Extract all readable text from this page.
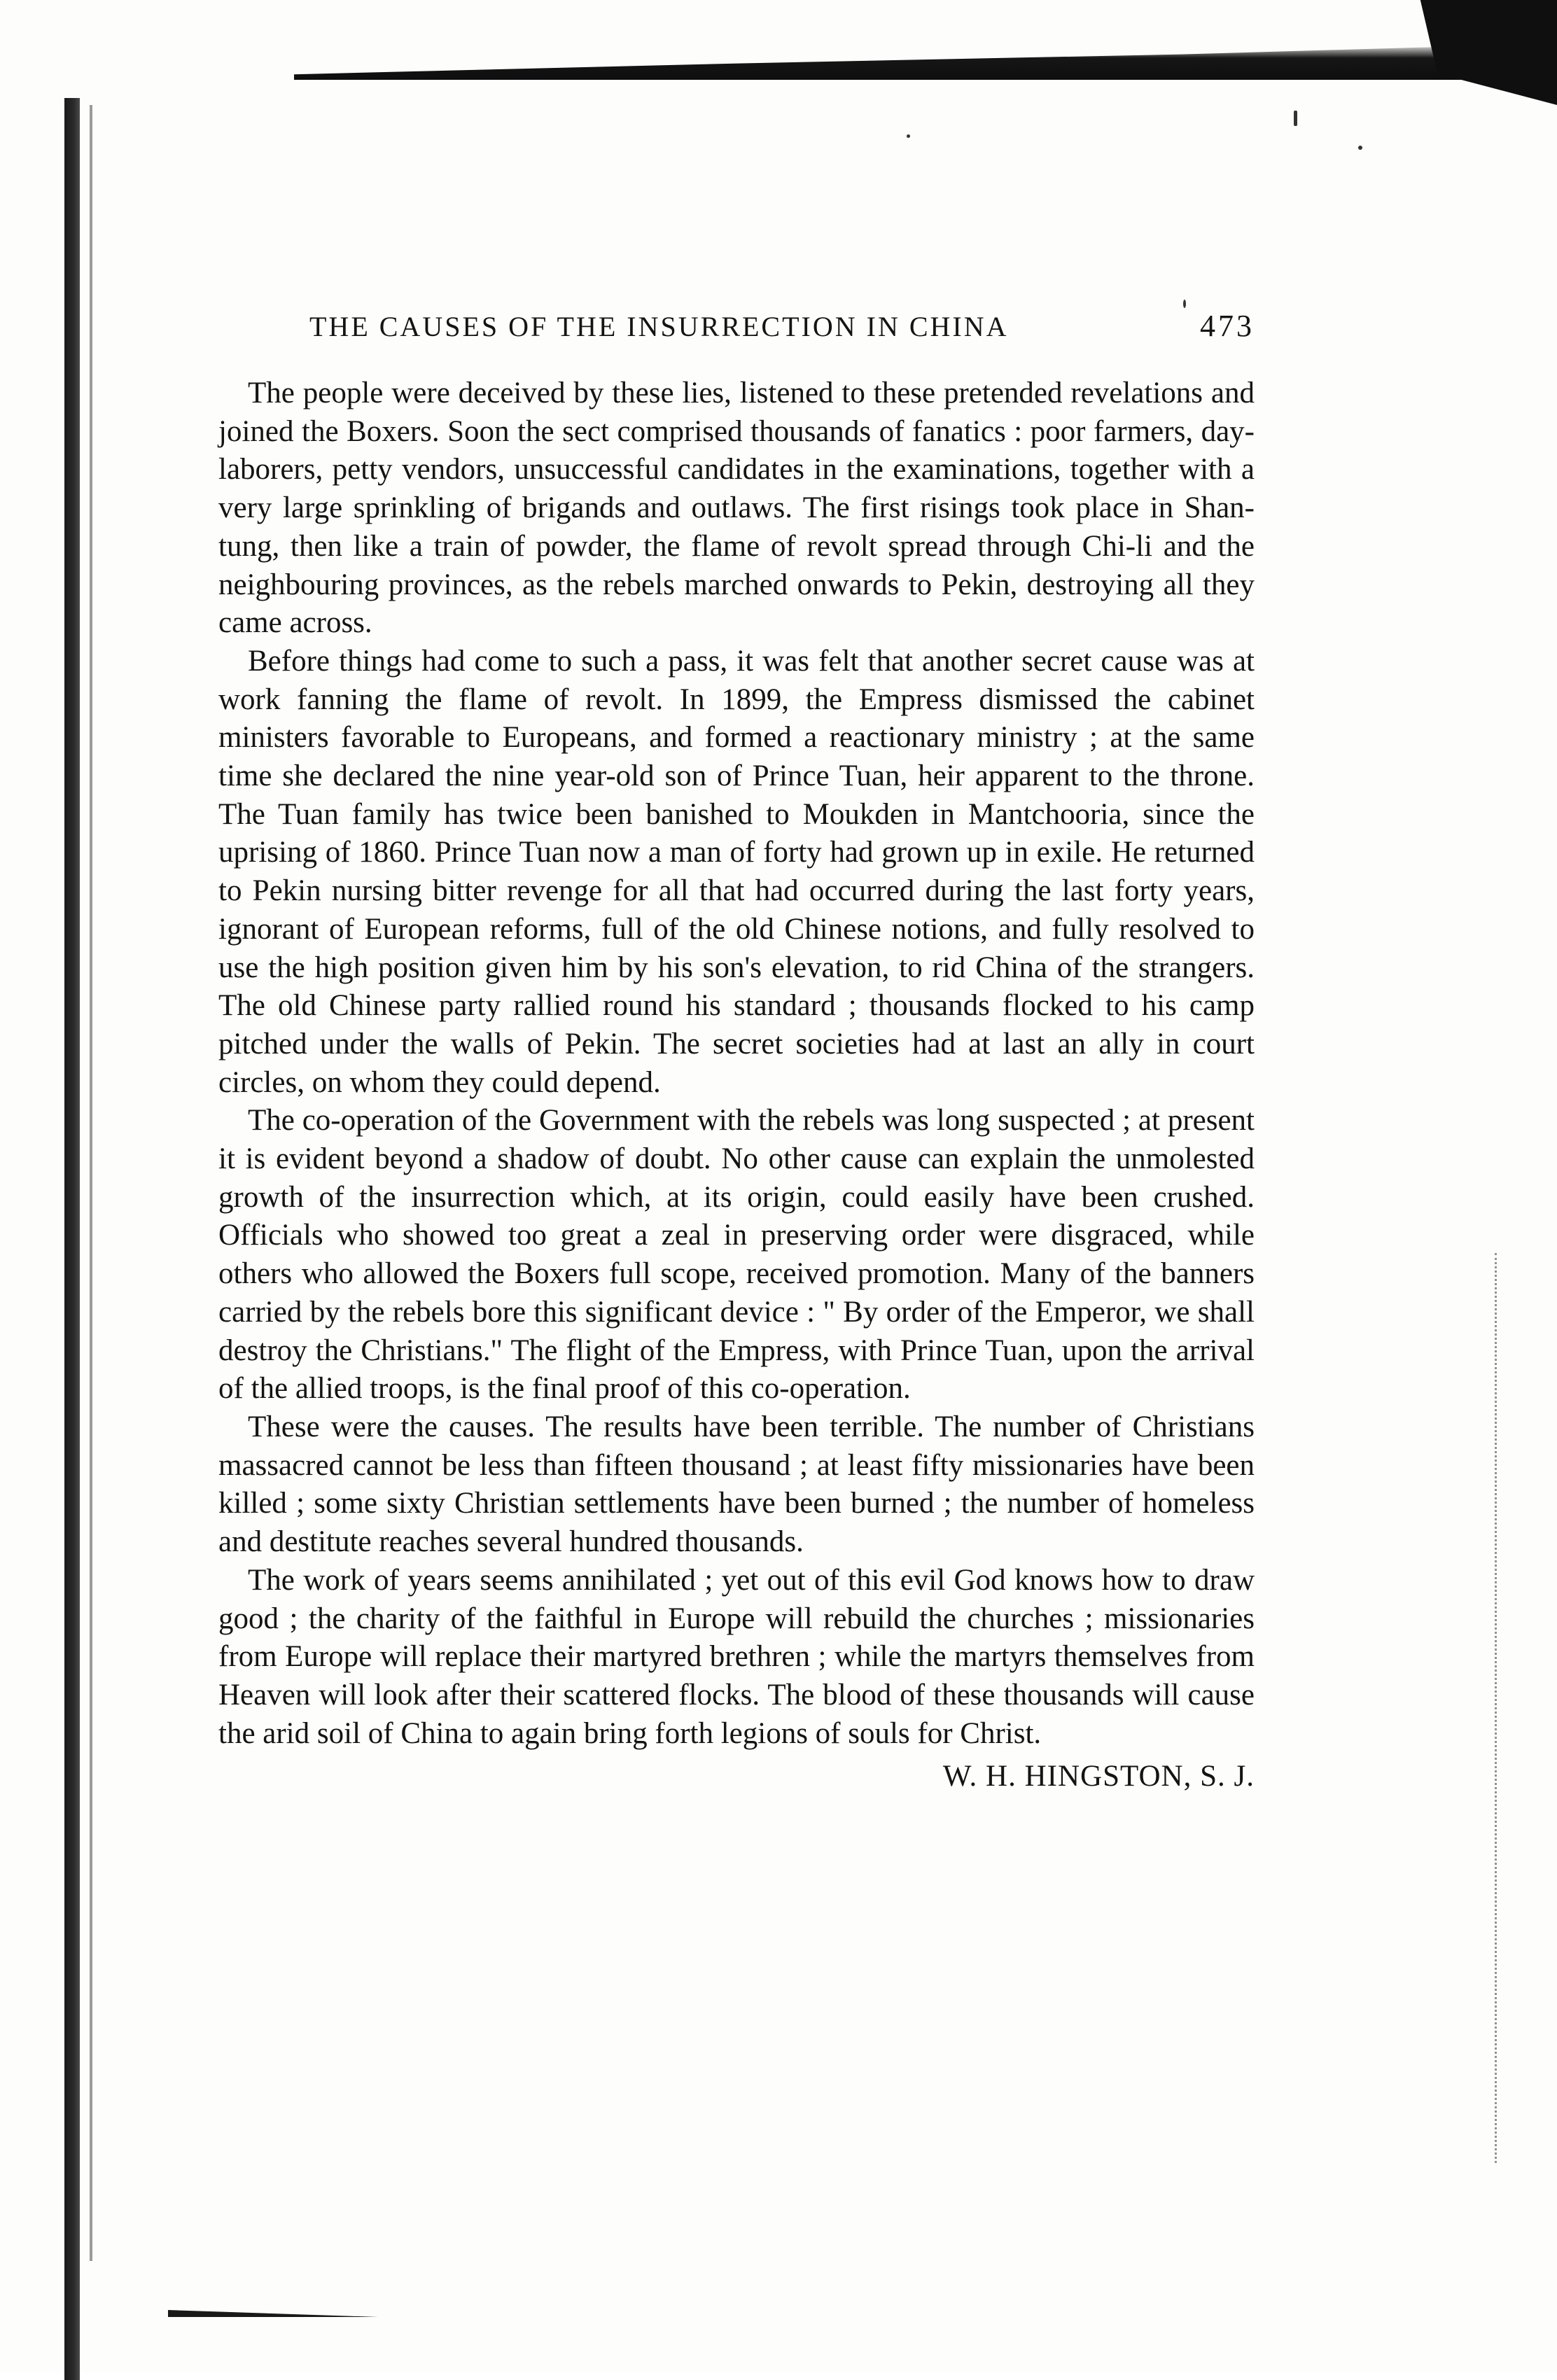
THE CAUSES OF THE INSURRECTION IN CHINA	473

The people were deceived by these lies, listened to these pretended revelations and joined the Boxers. Soon the sect comprised thousands of fanatics : poor farmers, day-laborers, petty vendors, unsuccessful candidates in the examinations, together with a very large sprinkling of brigands and outlaws. The first risings took place in Shan-tung, then like a train of powder, the flame of revolt spread through Chi-li and the neighbouring provinces, as the rebels marched onwards to Pekin, destroying all they came across.

Before things had come to such a pass, it was felt that another secret cause was at work fanning the flame of revolt. In 1899, the Empress dismissed the cabinet ministers favorable to Europeans, and formed a reactionary ministry ; at the same time she declared the nine year-old son of Prince Tuan, heir apparent to the throne. The Tuan family has twice been banished to Moukden in Mantchooria, since the uprising of 1860. Prince Tuan now a man of forty had grown up in exile. He returned to Pekin nursing bitter revenge for all that had occurred during the last forty years, ignorant of European reforms, full of the old Chinese notions, and fully resolved to use the high position given him by his son's elevation, to rid China of the strangers. The old Chinese party rallied round his standard ; thousands flocked to his camp pitched under the walls of Pekin. The secret societies had at last an ally in court circles, on whom they could depend.

The co-operation of the Government with the rebels was long suspected ; at present it is evident beyond a shadow of doubt. No other cause can explain the unmolested growth of the insurrection which, at its origin, could easily have been crushed. Officials who showed too great a zeal in preserving order were disgraced, while others who allowed the Boxers full scope, received promotion. Many of the banners carried by the rebels bore this significant device : " By order of the Emperor, we shall destroy the Christians." The flight of the Empress, with Prince Tuan, upon the arrival of the allied troops, is the final proof of this co-operation.

These were the causes. The results have been terrible. The number of Christians massacred cannot be less than fifteen thousand ; at least fifty missionaries have been killed ; some sixty Christian settlements have been burned ; the number of homeless and destitute reaches several hundred thousands.

The work of years seems annihilated ; yet out of this evil God knows how to draw good ; the charity of the faithful in Europe will rebuild the churches ; missionaries from Europe will replace their martyred brethren ; while the martyrs themselves from Heaven will look after their scattered flocks. The blood of these thousands will cause the arid soil of China to again bring forth legions of souls for Christ.

W. H. HINGSTON, S. J.
